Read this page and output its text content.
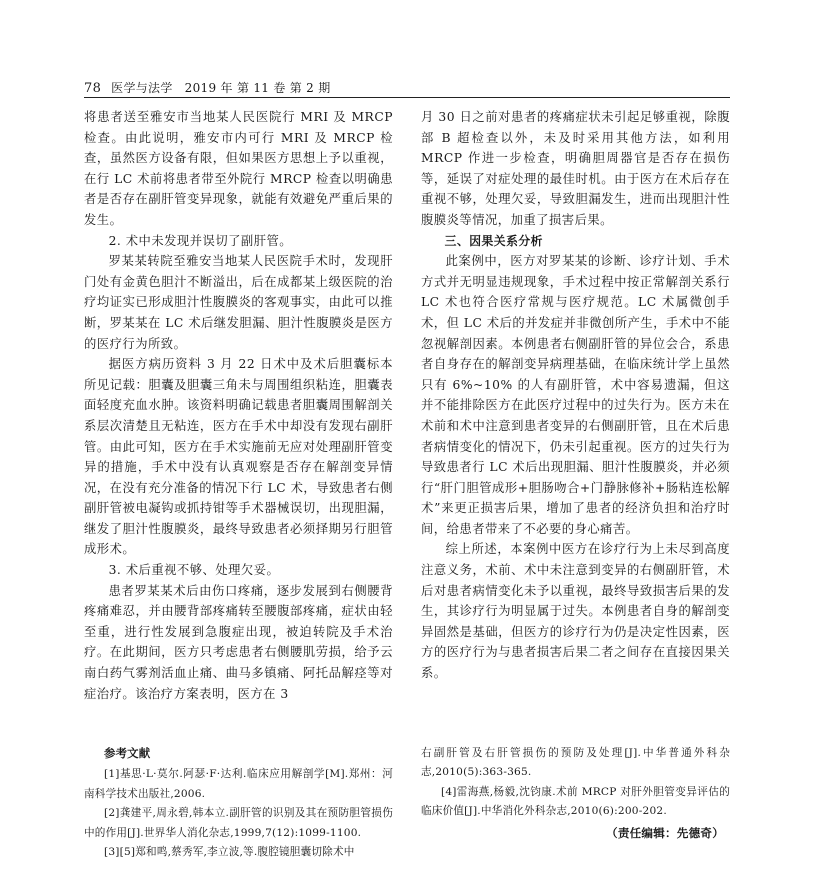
78 医学与法学 2019 年 第 11 卷 第 2 期

将患者送至雅安市当地某人民医院行 MRI 及 MRCP 检查。由此说明，雅安市内可行 MRI 及 MRCP 检查，虽然医方设备有限，但如果医方思想上予以重视，在行 LC 术前将患者带至外院行 MRCP 检查以明确患者是否存在副肝管变异现象，就能有效避免严重后果的发生。

2. 术中未发现并误切了副肝管。

罗某某转院至雅安当地某人民医院手术时，发现肝门处有金黄色胆汁不断溢出，后在成都某上级医院的治疗均证实已形成胆汁性腹膜炎的客观事实，由此可以推断，罗某某在 LC 术后继发胆漏、胆汁性腹膜炎是医方的医疗行为所致。

据医方病历资料 3 月 22 日术中及术后胆囊标本所见记载：胆囊及胆囊三角未与周围组织粘连，胆囊表面轻度充血水肿。该资料明确记载患者胆囊周围解剖关系层次清楚且无粘连，医方在手术中却没有发现右副肝管。由此可知，医方在手术实施前无应对处理副肝管变异的措施，手术中没有认真观察是否存在解剖变异情况，在没有充分准备的情况下行 LC 术，导致患者右侧副肝管被电凝钩或抓持钳等手术器械误切，出现胆漏，继发了胆汁性腹膜炎，最终导致患者必须择期另行胆管成形术。

3. 术后重视不够、处理欠妥。

患者罗某某术后由伤口疼痛，逐步发展到右侧腰背疼痛难忍，并由腰背部疼痛转至腰腹部疼痛，症状由轻至重，进行性发展到急腹症出现，被迫转院及手术治疗。在此期间，医方只考虑患者右侧腰肌劳损，给予云南白药气雾剂活血止痛、曲马多镇痛、阿托品解痉等对症治疗。该治疗方案表明，医方在 3

月 30 日之前对患者的疼痛症状未引起足够重视，除腹部 B 超检查以外，未及时采用其他方法，如利用 MRCP 作进一步检查，明确胆周器官是否存在损伤等，延误了对症处理的最佳时机。由于医方在术后存在重视不够，处理欠妥，导致胆漏发生，进而出现胆汁性腹膜炎等情况，加重了损害后果。

三、因果关系分析

此案例中，医方对罗某某的诊断、诊疗计划、手术方式并无明显违规现象，手术过程中按正常解剖关系行 LC 术也符合医疗常规与医疗规范。LC 术属微创手术，但 LC 术后的并发症并非微创所产生，手术中不能忽视解剖因素。本例患者右侧副肝管的异位会合，系患者自身存在的解剖变异病理基础，在临床统计学上虽然只有 6%~10% 的人有副肝管，术中容易遗漏，但这并不能排除医方在此医疗过程中的过失行为。医方未在术前和术中注意到患者变异的右侧副肝管，且在术后患者病情变化的情况下，仍未引起重视。医方的过失行为导致患者行 LC 术后出现胆漏、胆汁性腹膜炎，并必须行“肝门胆管成形+胆肠吻合+门静脉修补+肠粘连松解术”来更正损害后果，增加了患者的经济负担和治疗时间，给患者带来了不必要的身心痛苦。

综上所述，本案例中医方在诊疗行为上未尽到高度注意义务，术前、术中未注意到变异的右侧副肝管，术后对患者病情变化未予以重视，最终导致损害后果的发生，其诊疗行为明显属于过失。本例患者自身的解剖变异固然是基础，但医方的诊疗行为仍是决定性因素，医方的医疗行为与患者损害后果二者之间存在直接因果关系。

参考文献

[1]基思·L·莫尔.阿瑟·F·达利.临床应用解剖学[M].郑州：河南科学技术出版社,2006.

[2]龚建平,周永碧,韩本立.副肝管的识别及其在预防胆管损伤中的作用[J].世界华人消化杂志,1999,7(12):1099-1100.

[3][5]郑和鸣,蔡秀军,李立波,等.腹腔镜胆囊切除术中

右副肝管及右肝管损伤的预防及处理[J].中华普通外科杂志,2010(5):363-365.

[4]雷海燕,杨毅,沈钧康.术前 MRCP 对肝外胆管变异评估的临床价值[J].中华消化外科杂志,2010(6):200-202.

（责任编辑：先德奇）
